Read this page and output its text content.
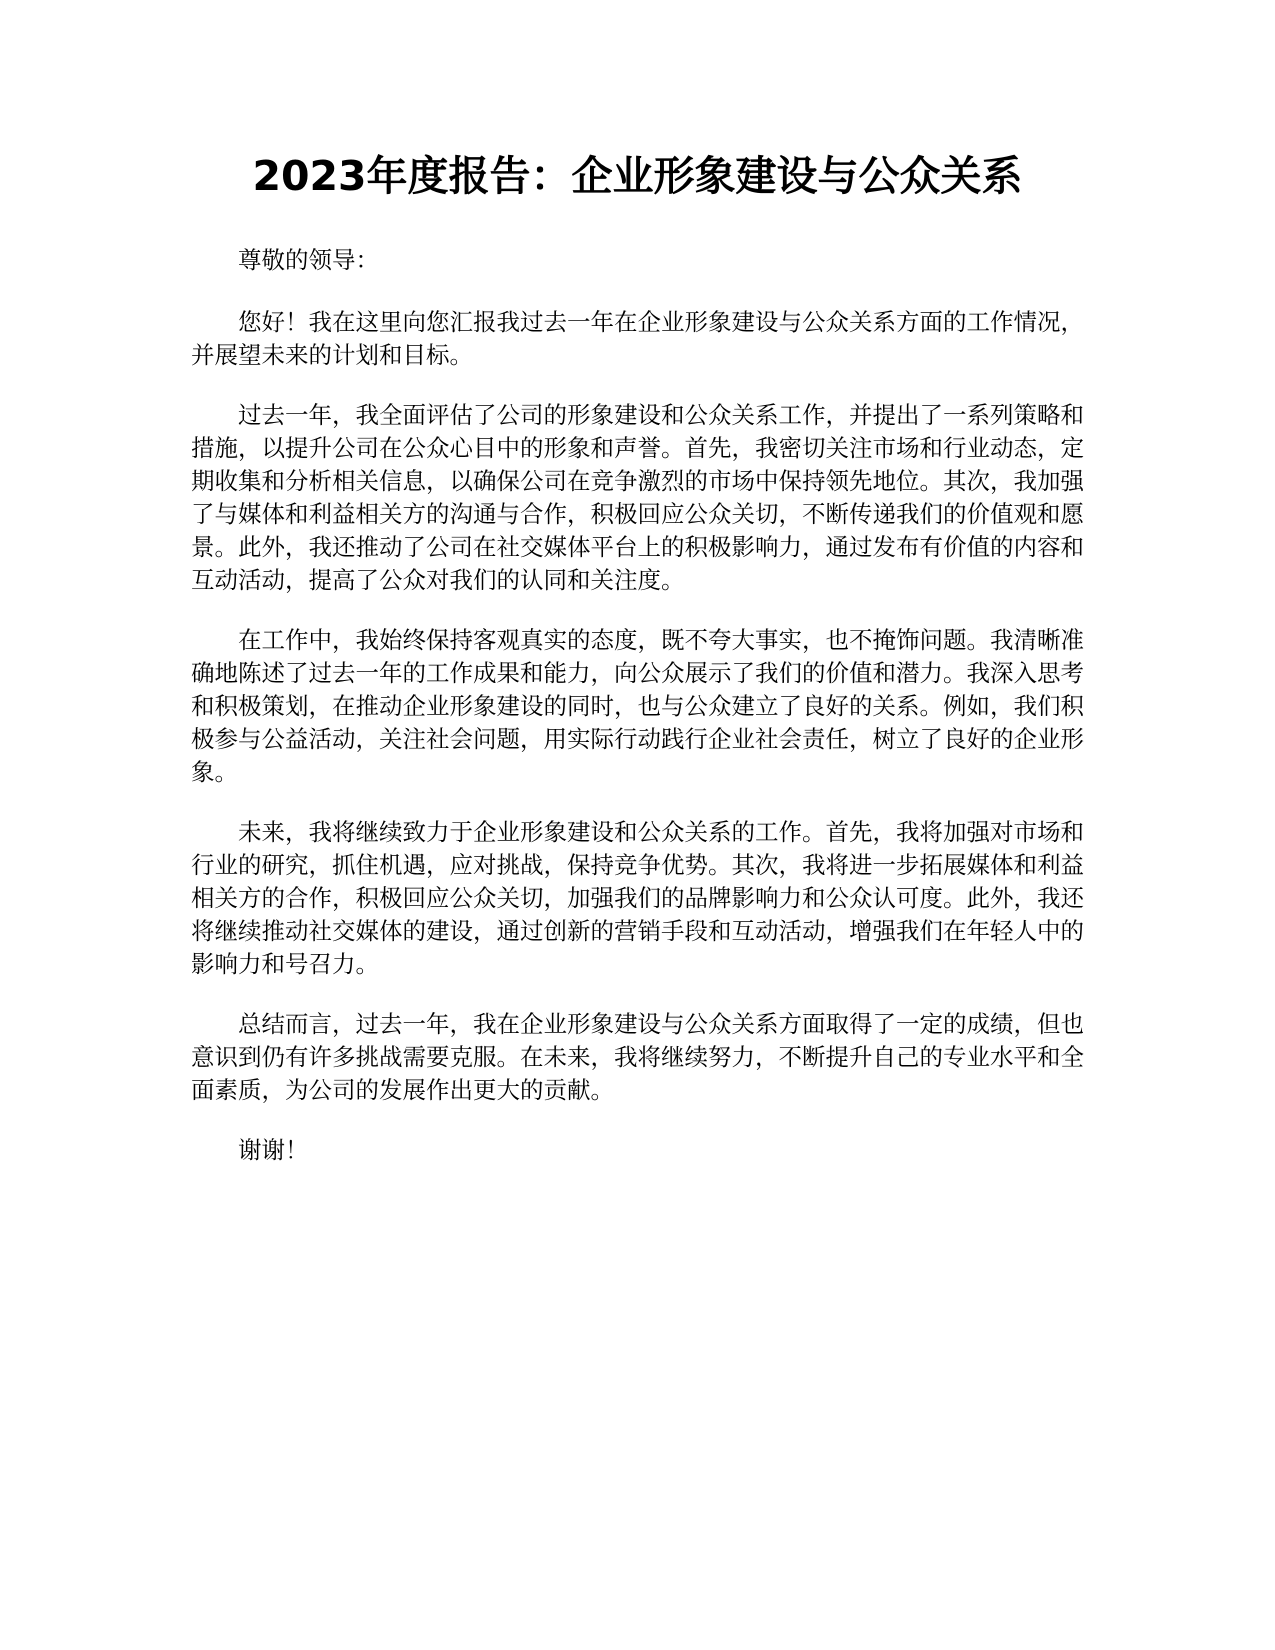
2023年度报告：企业形象建设与公众关系

尊敬的领导：

您好！我在这里向您汇报我过去一年在企业形象建设与公众关系方面的工作情况，并展望未来的计划和目标。

过去一年，我全面评估了公司的形象建设和公众关系工作，并提出了一系列策略和措施，以提升公司在公众心目中的形象和声誉。首先，我密切关注市场和行业动态，定期收集和分析相关信息，以确保公司在竞争激烈的市场中保持领先地位。其次，我加强了与媒体和利益相关方的沟通与合作，积极回应公众关切，不断传递我们的价值观和愿景。此外，我还推动了公司在社交媒体平台上的积极影响力，通过发布有价值的内容和互动活动，提高了公众对我们的认同和关注度。

在工作中，我始终保持客观真实的态度，既不夸大事实，也不掩饰问题。我清晰准确地陈述了过去一年的工作成果和能力，向公众展示了我们的价值和潜力。我深入思考和积极策划，在推动企业形象建设的同时，也与公众建立了良好的关系。例如，我们积极参与公益活动，关注社会问题，用实际行动践行企业社会责任，树立了良好的企业形象。

未来，我将继续致力于企业形象建设和公众关系的工作。首先，我将加强对市场和行业的研究，抓住机遇，应对挑战，保持竞争优势。其次，我将进一步拓展媒体和利益相关方的合作，积极回应公众关切，加强我们的品牌影响力和公众认可度。此外，我还将继续推动社交媒体的建设，通过创新的营销手段和互动活动，增强我们在年轻人中的影响力和号召力。

总结而言，过去一年，我在企业形象建设与公众关系方面取得了一定的成绩，但也意识到仍有许多挑战需要克服。在未来，我将继续努力，不断提升自己的专业水平和全面素质，为公司的发展作出更大的贡献。

谢谢！
